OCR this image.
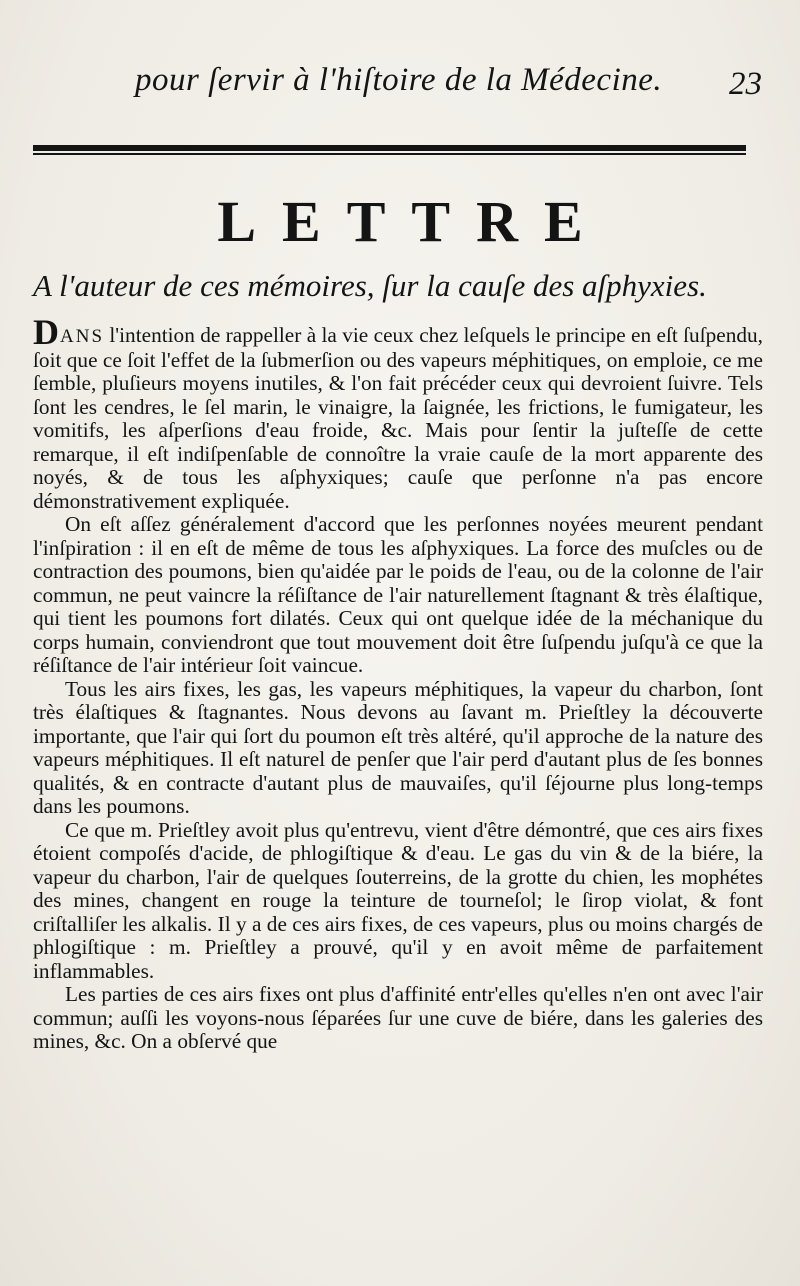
pour ſervir à l'hiſtoire de la Médecine. 23
LETTRE
A l'auteur de ces mémoires, ſur la cauſe des aſphyxies.

DANS l'intention de rappeller à la vie ceux chez leſquels le principe en eſt ſuſpendu, ſoit que ce ſoit l'effet de la ſubmerſion ou des vapeurs méphitiques, on emploie, ce me ſemble, pluſieurs moyens inutiles, & l'on fait précéder ceux qui devroient ſuivre. Tels ſont les cendres, le ſel marin, le vinaigre, la ſaignée, les frictions, le fumigateur, les vomitifs, les aſperſions d'eau froide, &c. Mais pour ſentir la juſteſſe de cette remarque, il eſt indiſpenſable de connoître la vraie cauſe de la mort apparente des noyés, & de tous les aſphyxiques; cauſe que perſonne n'a pas encore démonstrativement expliquée.

On eſt aſſez généralement d'accord que les perſonnes noyées meurent pendant l'inſpiration : il en eſt de même de tous les aſphyxiques. La force des muſcles ou de contraction des poumons, bien qu'aidée par le poids de l'eau, ou de la colonne de l'air commun, ne peut vaincre la réſiſtance de l'air naturellement ſtagnant & très élaſtique, qui tient les poumons fort dilatés. Ceux qui ont quelque idée de la méchanique du corps humain, conviendront que tout mouvement doit être ſuſpendu juſqu'à ce que la réſiſtance de l'air intérieur ſoit vaincue.

Tous les airs fixes, les gas, les vapeurs méphitiques, la vapeur du charbon, ſont très élaſtiques & ſtagnantes. Nous devons au ſavant m. Prieſtley la découverte importante, que l'air qui ſort du poumon eſt très altéré, qu'il approche de la nature des vapeurs méphitiques. Il eſt naturel de penſer que l'air perd d'autant plus de ſes bonnes qualités, & en contracte d'autant plus de mauvaiſes, qu'il ſéjourne plus long-temps dans les poumons.

Ce que m. Prieſtley avoit plus qu'entrevu, vient d'être démontré, que ces airs fixes étoient compoſés d'acide, de phlogiſtique & d'eau. Le gas du vin & de la biére, la vapeur du charbon, l'air de quelques ſouterreins, de la grotte du chien, les mophétes des mines, changent en rouge la teinture de tourneſol; le ſirop violat, & font criſtalliſer les alkalis. Il y a de ces airs fixes, de ces vapeurs, plus ou moins chargés de phlogiſtique : m. Prieſtley a prouvé, qu'il y en avoit même de parfaitement inflammables.

Les parties de ces airs fixes ont plus d'affinité entr'elles qu'elles n'en ont avec l'air commun; auſſi les voyons-nous ſéparées ſur une cuve de biére, dans les galeries des mines, &c. On a obſervé que
